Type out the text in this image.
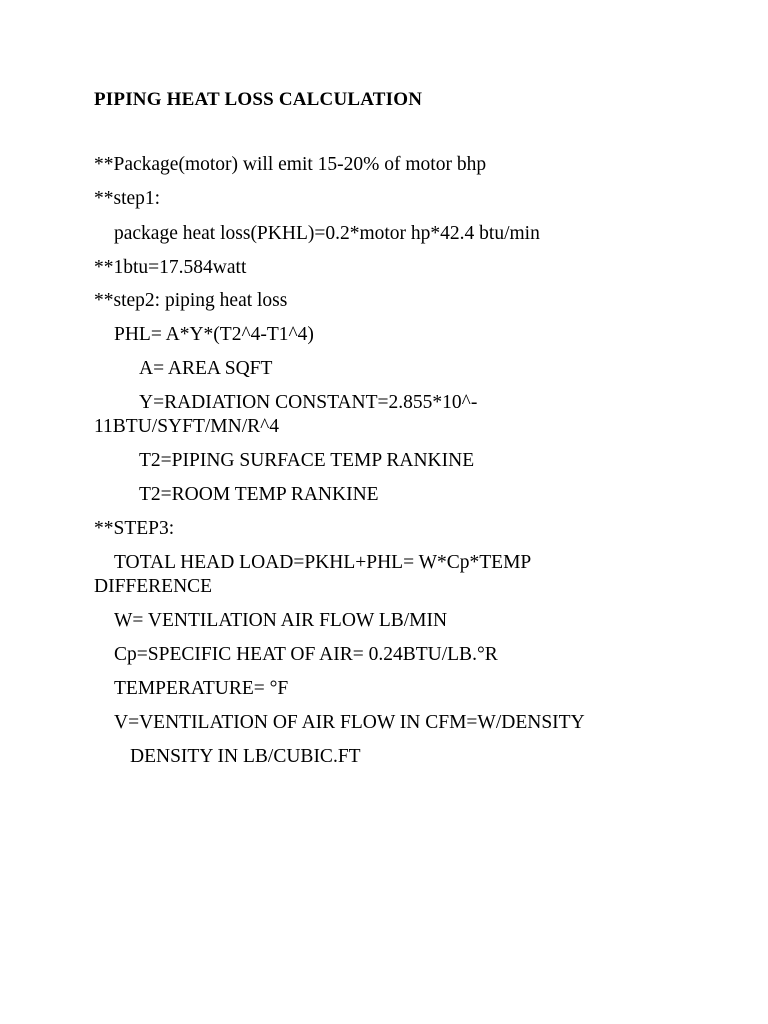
PIPING HEAT LOSS CALCULATION
**Package(motor) will emit 15-20% of motor bhp
**step1:
package heat loss(PKHL)=0.2*motor hp*42.4 btu/min
**1btu=17.584watt
**step2: piping heat loss
PHL= A*Y*(T2^4-T1^4)
A= AREA SQFT
Y=RADIATION CONSTANT=2.855*10^-
11BTU/SYFT/MN/R^4
T2=PIPING SURFACE TEMP RANKINE
T2=ROOM TEMP RANKINE
**STEP3:
TOTAL HEAD LOAD=PKHL+PHL= W*Cp*TEMP
DIFFERENCE
W= VENTILATION AIR FLOW LB/MIN
Cp=SPECIFIC HEAT OF AIR= 0.24BTU/LB.°R
TEMPERATURE= °F
V=VENTILATION OF AIR FLOW IN CFM=W/DENSITY
DENSITY IN LB/CUBIC.FT
